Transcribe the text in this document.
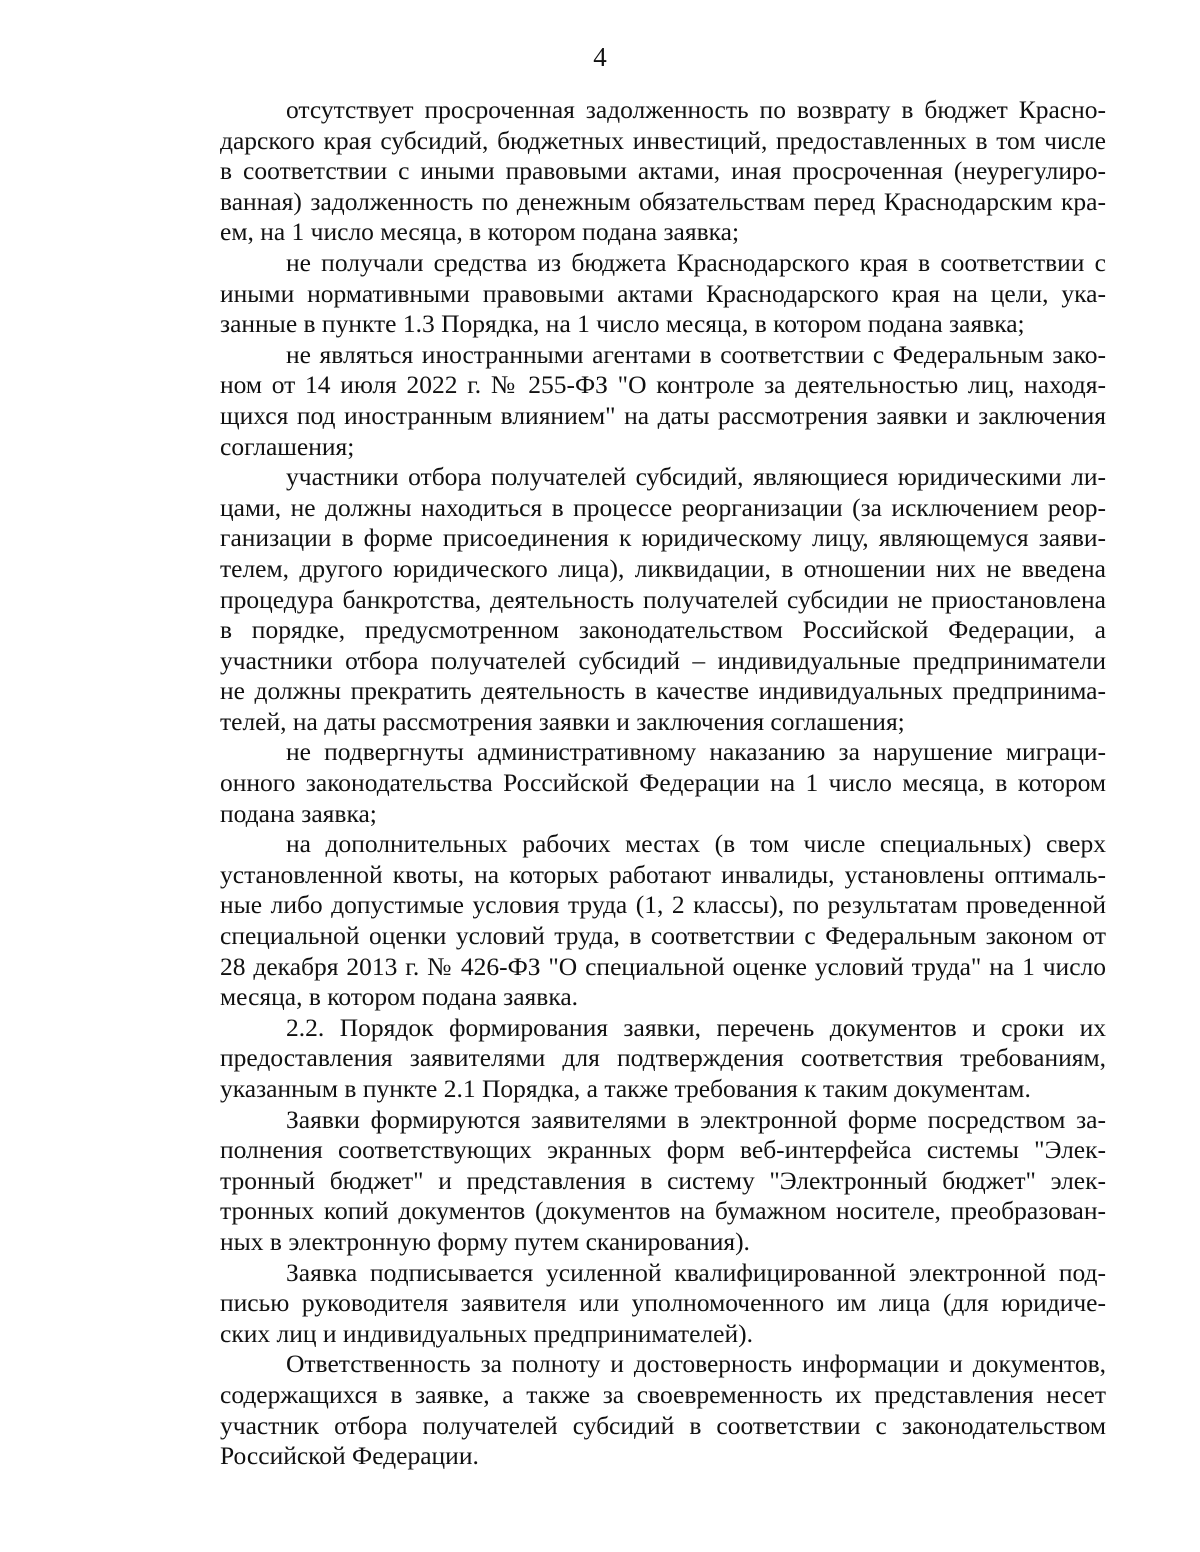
4
отсутствует просроченная задолженность по возврату в бюджет Красно-
дарского края субсидий, бюджетных инвестиций, предоставленных в том числе
в соответствии с иными правовыми актами, иная просроченная (неурегулиро-
ванная) задолженность по денежным обязательствам перед Краснодарским кра-
ем, на 1 число месяца, в котором подана заявка;
не получали средства из бюджета Краснодарского края в соответствии с
иными нормативными правовыми актами Краснодарского края на цели, ука-
занные в пункте 1.3 Порядка, на 1 число месяца, в котором подана заявка;
не являться иностранными агентами в соответствии с Федеральным зако-
ном от 14 июля 2022 г. № 255-ФЗ "О контроле за деятельностью лиц, находя-
щихся под иностранным влиянием" на даты рассмотрения заявки и заключения
соглашения;
участники отбора получателей субсидий, являющиеся юридическими ли-
цами, не должны находиться в процессе реорганизации (за исключением реор-
ганизации в форме присоединения к юридическому лицу, являющемуся заяви-
телем, другого юридического лица), ликвидации, в отношении них не введена
процедура банкротства, деятельность получателей субсидии не приостановлена
в порядке, предусмотренном законодательством Российской Федерации, а
участники отбора получателей субсидий – индивидуальные предприниматели
не должны прекратить деятельность в качестве индивидуальных предпринима-
телей, на даты рассмотрения заявки и заключения соглашения;
не подвергнуты административному наказанию за нарушение миграци-
онного законодательства Российской Федерации на 1 число месяца, в котором
подана заявка;
на дополнительных рабочих местах (в том числе специальных) сверх
установленной квоты, на которых работают инвалиды, установлены оптималь-
ные либо допустимые условия труда (1, 2 классы), по результатам проведенной
специальной оценки условий труда, в соответствии с Федеральным законом от
28 декабря 2013 г. № 426-ФЗ "О специальной оценке условий труда" на 1 число
месяца, в котором подана заявка.
2.2. Порядок формирования заявки, перечень документов и сроки их
предоставления заявителями для подтверждения соответствия требованиям,
указанным в пункте 2.1 Порядка, а также требования к таким документам.
Заявки формируются заявителями в электронной форме посредством за-
полнения соответствующих экранных форм веб-интерфейса системы "Элек-
тронный бюджет" и представления в систему "Электронный бюджет" элек-
тронных копий документов (документов на бумажном носителе, преобразован-
ных в электронную форму путем сканирования).
Заявка подписывается усиленной квалифицированной электронной под-
писью руководителя заявителя или уполномоченного им лица (для юридиче-
ских лиц и индивидуальных предпринимателей).
Ответственность за полноту и достоверность информации и документов,
содержащихся в заявке, а также за своевременность их представления несет
участник отбора получателей субсидий в соответствии с законодательством
Российской Федерации.
